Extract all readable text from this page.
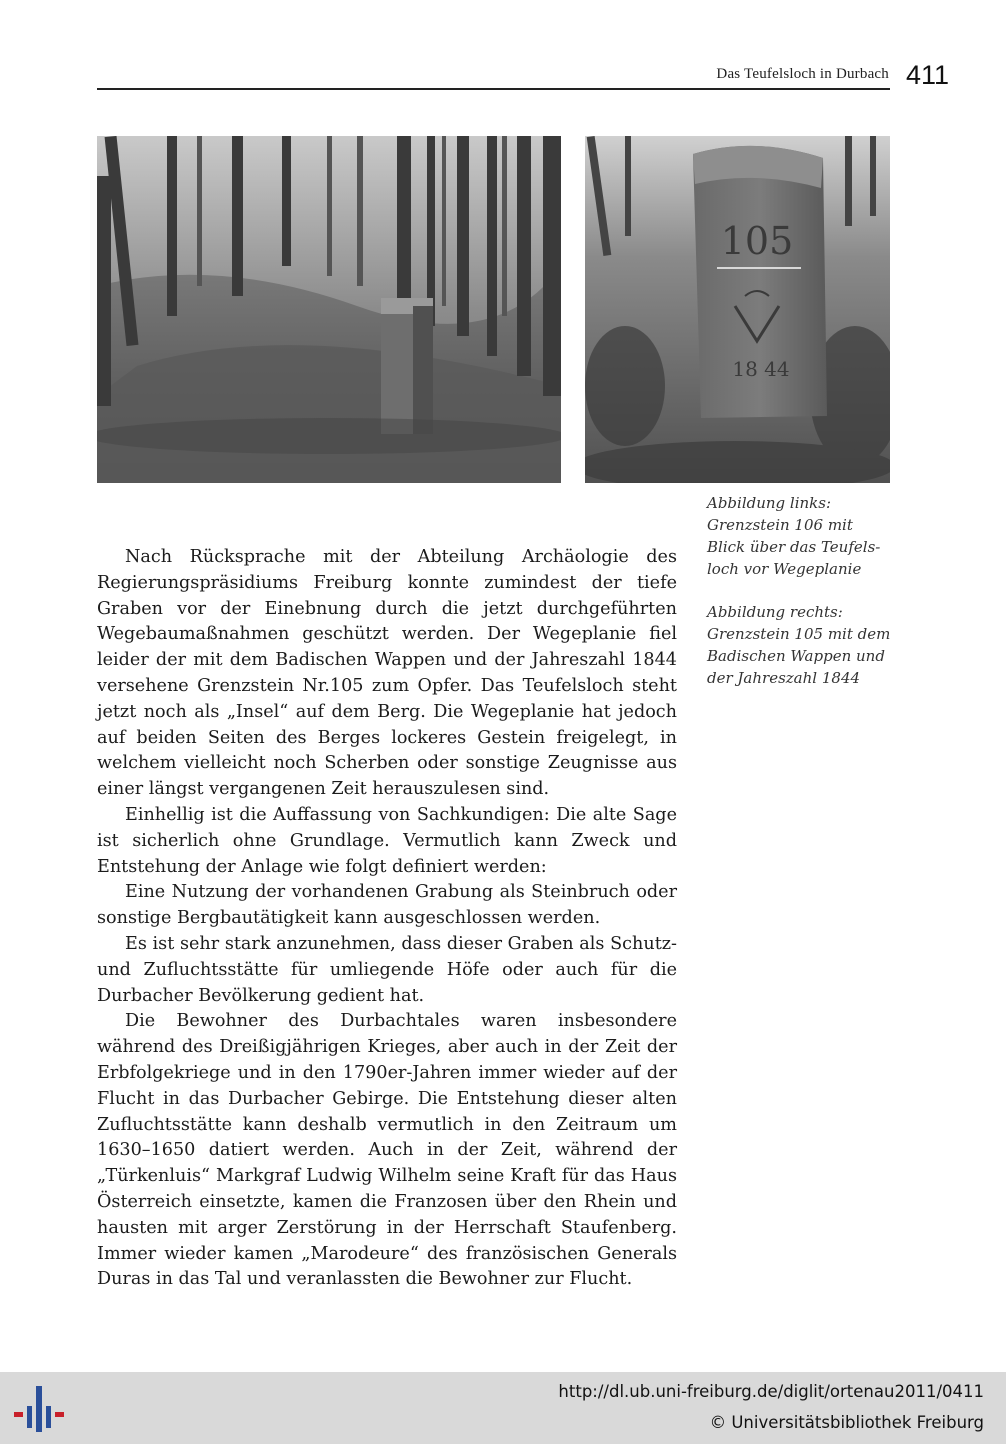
Das Teufelsloch in Durbach 411
105
18 44

Abbildung links:

Grenzstein 106 mit

Blick über das Teufels-

loch vor Wegeplanie

Abbildung rechts:

Grenzstein 105 mit dem

Badischen Wappen und

der Jahreszahl 1844

Nach Rücksprache mit der Abteilung Archäologie des Regierungspräsidiums Freiburg konnte zumindest der tiefe Graben vor der Einebnung durch die jetzt durchgeführten Wegebaumaßnahmen geschützt werden. Der Wegeplanie fiel leider der mit dem Badischen Wappen und der Jahreszahl 1844 versehene Grenzstein Nr.105 zum Opfer. Das Teufelsloch steht jetzt noch als „Insel“ auf dem Berg. Die Wegeplanie hat jedoch auf beiden Seiten des Berges lockeres Gestein freigelegt, in welchem vielleicht noch Scherben oder sonstige Zeugnisse aus einer längst vergangenen Zeit herauszulesen sind.

Einhellig ist die Auffassung von Sachkundigen: Die alte Sage ist sicherlich ohne Grundlage. Vermutlich kann Zweck und Entstehung der Anlage wie folgt definiert werden:

Eine Nutzung der vorhandenen Grabung als Steinbruch oder sonstige Bergbautätigkeit kann ausgeschlossen werden.

Es ist sehr stark anzunehmen, dass dieser Graben als Schutz- und Zufluchtsstätte für umliegende Höfe oder auch für die Durbacher Bevölkerung gedient hat.

Die Bewohner des Durbachtales waren insbesondere während des Dreißigjährigen Krieges, aber auch in der Zeit der Erbfolgekriege und in den 1790er-Jahren immer wieder auf der Flucht in das Durbacher Gebirge. Die Entstehung dieser alten Zufluchtsstätte kann deshalb vermutlich in den Zeitraum um 1630–1650 datiert werden. Auch in der Zeit, während der „Türkenluis“ Markgraf Ludwig Wilhelm seine Kraft für das Haus Österreich einsetzte, kamen die Franzosen über den Rhein und hausten mit arger Zerstörung in der Herrschaft Staufenberg. Immer wieder kamen „Marodeure“ des französischen Generals Duras in das Tal und veranlassten die Bewohner zur Flucht.

http://dl.ub.uni-freiburg.de/diglit/ortenau2011/0411
© Universitätsbibliothek Freiburg
